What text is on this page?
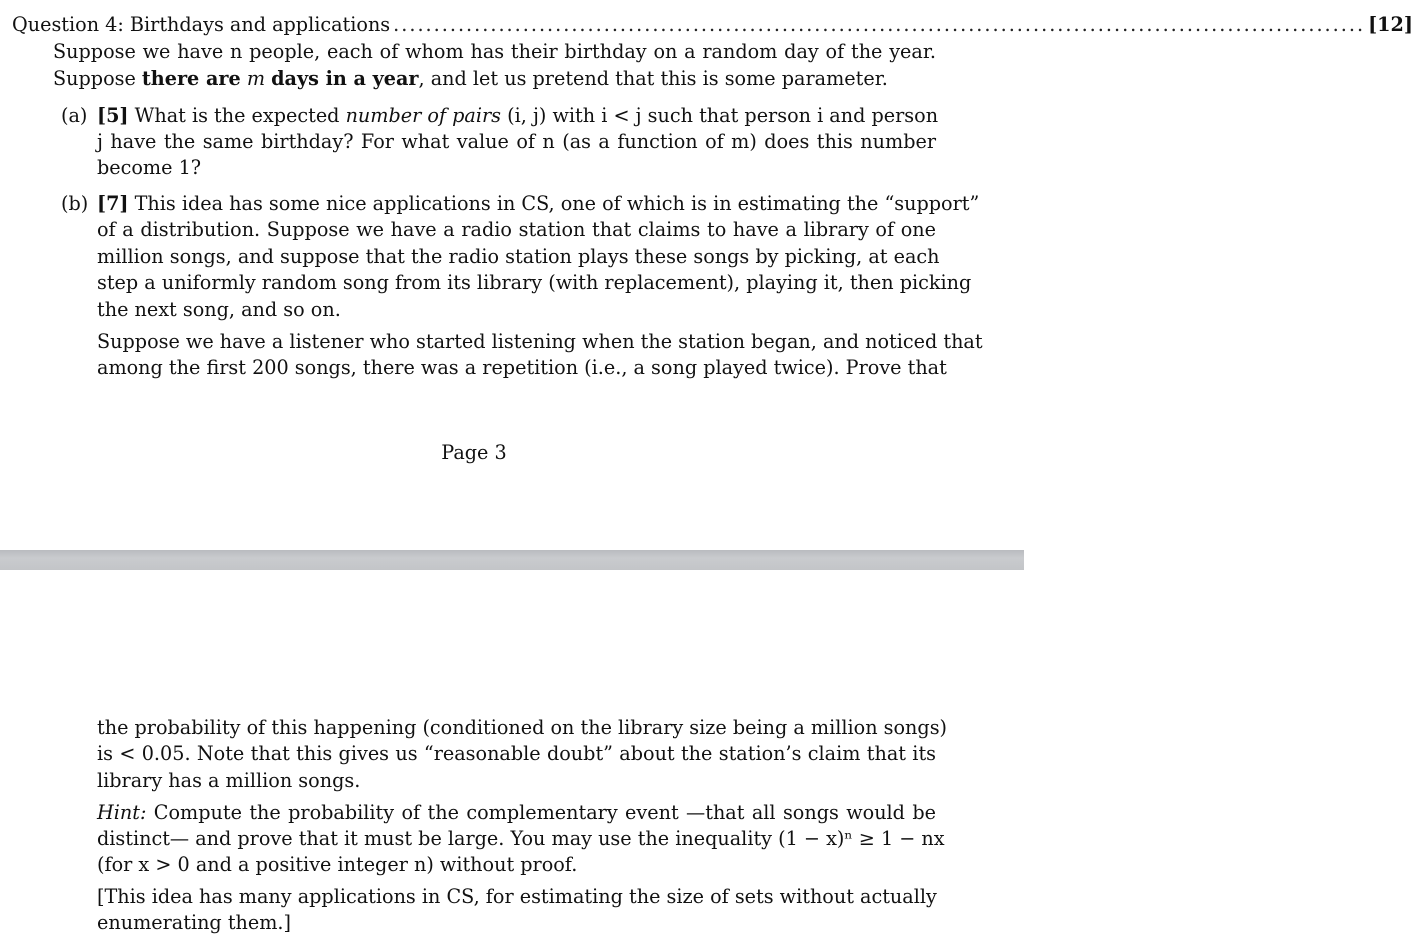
Question 4: Birthdays and applications ........................................................................................................................ [12]
Suppose we have n people, each of whom has their birthday on a random day of the year.
Suppose there are m days in a year, and let us pretend that this is some parameter.
(a) [5] What is the expected number of pairs (i, j) with i < j such that person i and person
j have the same birthday? For what value of n (as a function of m) does this number
become 1?
(b) [7] This idea has some nice applications in CS, one of which is in estimating the “support”
of a distribution. Suppose we have a radio station that claims to have a library of one
million songs, and suppose that the radio station plays these songs by picking, at each
step a uniformly random song from its library (with replacement), playing it, then picking
the next song, and so on.
Suppose we have a listener who started listening when the station began, and noticed that
among the first 200 songs, there was a repetition (i.e., a song played twice). Prove that
Page 3
the probability of this happening (conditioned on the library size being a million songs)
is < 0.05. Note that this gives us “reasonable doubt” about the station’s claim that its
library has a million songs.
Hint: Compute the probability of the complementary event —that all songs would be
distinct— and prove that it must be large. You may use the inequality (1 − x)ⁿ ≥ 1 − nx
(for x > 0 and a positive integer n) without proof.
[This idea has many applications in CS, for estimating the size of sets without actually
enumerating them.]
